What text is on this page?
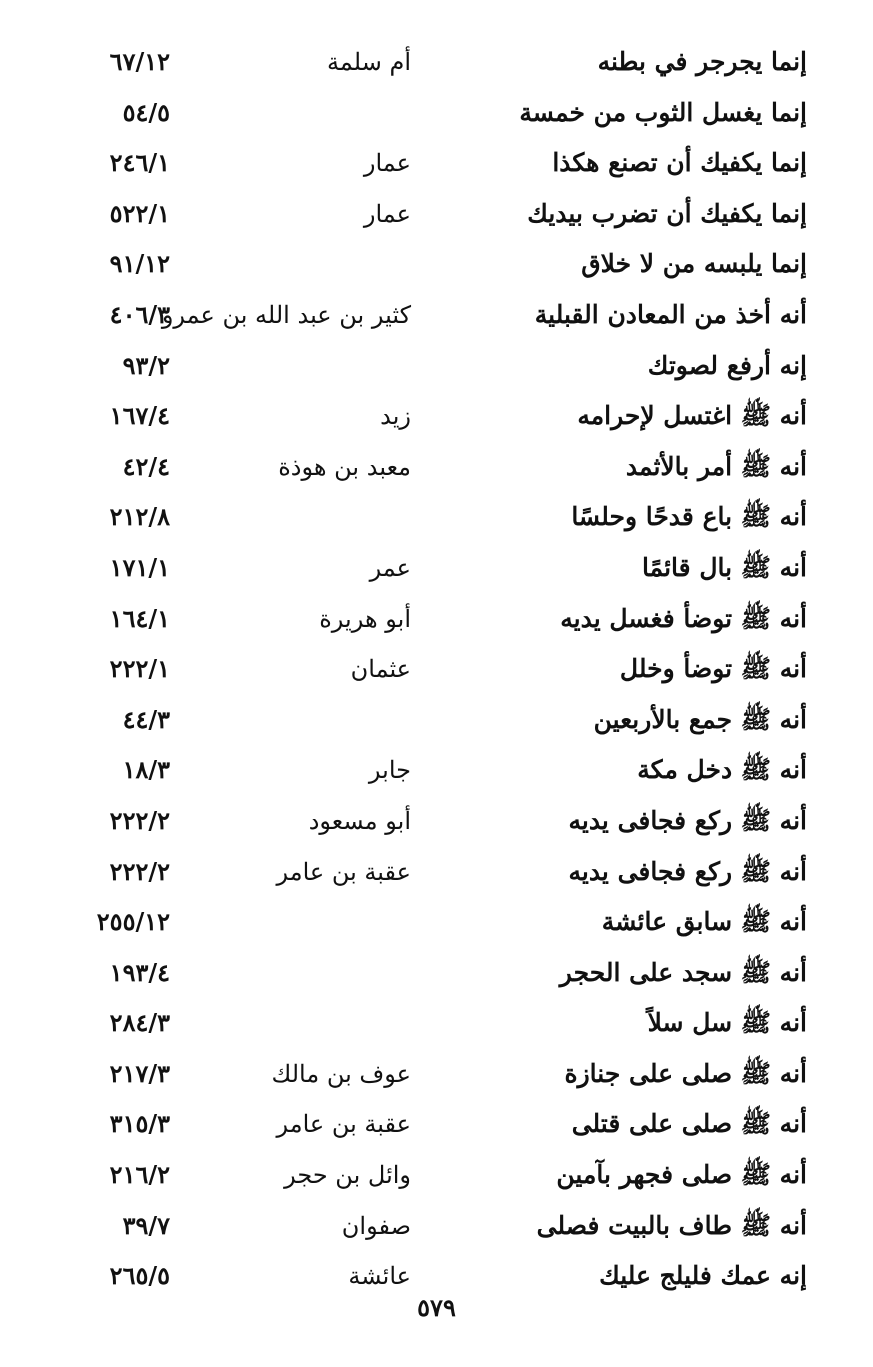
إنما يجرجر في بطنه
أم سلمة
٦٧/١٢
إنما يغسل الثوب من خمسة
٥٤/٥
إنما يكفيك أن تصنع هكذا
عمار
٢٤٦/١
إنما يكفيك أن تضرب بيديك
عمار
٥٢٢/١
إنما يلبسه من لا خلاق
٩١/١٢
أنه أخذ من المعادن القبلية
كثير بن عبد الله بن عمرو
٤٠٦/٣
إنه أرفع لصوتك
٩٣/٢
أنه ﷺ اغتسل لإحرامه
زيد
١٦٧/٤
أنه ﷺ أمر بالأثمد
معبد بن هوذة
٤٢/٤
أنه ﷺ باع قدحًا وحلسًا
٢١٢/٨
أنه ﷺ بال قائمًا
عمر
١٧١/١
أنه ﷺ توضأ فغسل يديه
أبو هريرة
١٦٤/١
أنه ﷺ توضأ وخلل
عثمان
٢٢٢/١
أنه ﷺ جمع بالأربعين
٤٤/٣
أنه ﷺ دخل مكة
جابر
١٨/٣
أنه ﷺ ركع فجافى يديه
أبو مسعود
٢٢٢/٢
أنه ﷺ ركع فجافى يديه
عقبة بن عامر
٢٢٢/٢
أنه ﷺ سابق عائشة
٢٥٥/١٢
أنه ﷺ سجد على الحجر
١٩٣/٤
أنه ﷺ سل سلاً
٢٨٤/٣
أنه ﷺ صلى على جنازة
عوف بن مالك
٢١٧/٣
أنه ﷺ صلى على قتلى
عقبة بن عامر
٣١٥/٣
أنه ﷺ صلى فجهر بآمين
وائل بن حجر
٢١٦/٢
أنه ﷺ طاف بالبيت فصلى
صفوان
٣٩/٧
إنه عمك فليلج عليك
عائشة
٢٦٥/٥
٥٧٩
